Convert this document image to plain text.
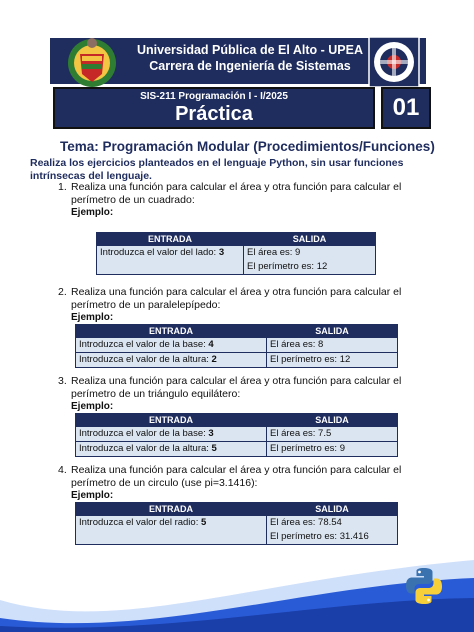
Universidad Pública de El Alto - UPEA
Carrera de Ingeniería de Sistemas
SIS-211 Programación I - I/2025
Práctica	01
Tema: Programación Modular (Procedimientos/Funciones)
Realiza los ejercicios planteados en el lenguaje Python, sin usar funciones intrínsecas del lenguaje.
1. Realiza una función para calcular el área y otra función para calcular el perímetro de un cuadrado:
Ejemplo:
ENTRADA	SALIDA
Introduzca el valor del lado: 3	El área es: 9
	El perímetro es: 12
2. Realiza una función para calcular el área y otra función para calcular el perímetro de un paralelepípedo:
Ejemplo:
ENTRADA	SALIDA
Introduzca el valor de la base: 4	El área es: 8
Introduzca el valor de la altura: 2	El perímetro es: 12
3. Realiza una función para calcular el área y otra función para calcular el perímetro de un triángulo equilátero:
Ejemplo:
ENTRADA	SALIDA
Introduzca el valor de la base: 3	El área es: 7.5
Introduzca el valor de la altura: 5	El perímetro es: 9
4. Realiza una función para calcular el área y otra función para calcular el perímetro de un circulo (use pi=3.1416):
Ejemplo:
ENTRADA	SALIDA
Introduzca el valor del radio: 5	El área es: 78.54
	El perímetro es: 31.416
